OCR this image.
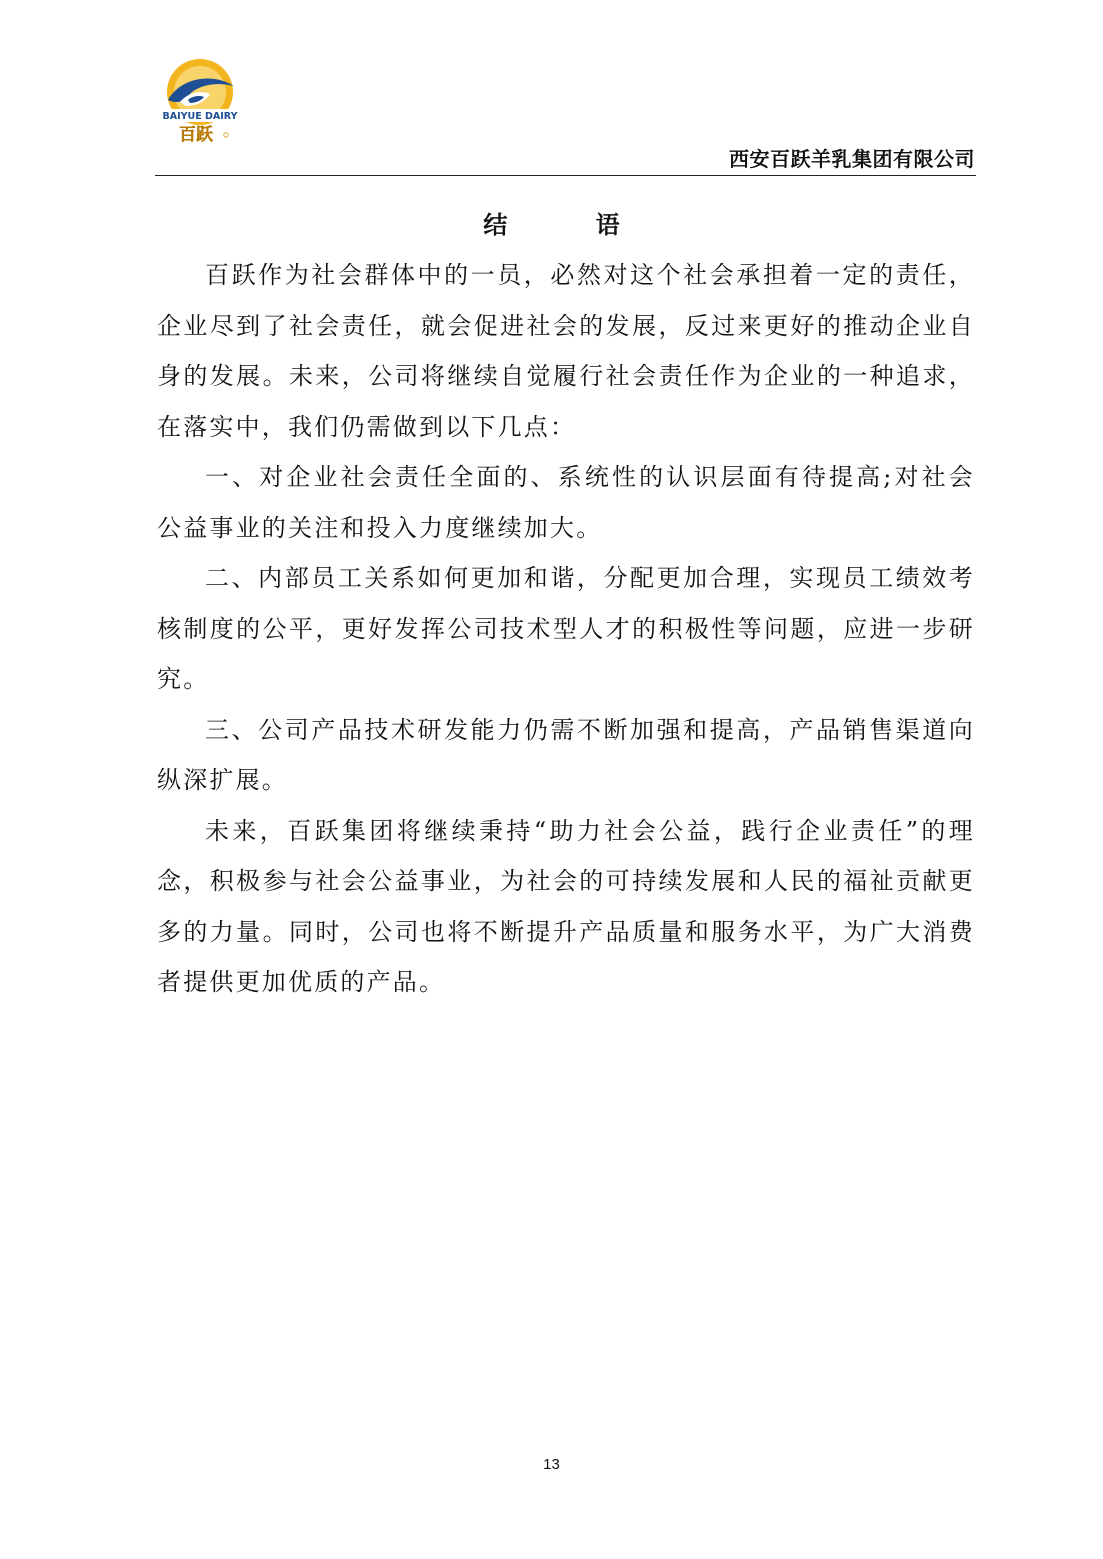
BAIYUE DAIRY
百跃
西安百跃羊乳集团有限公司
结 语

百跃作为社会群体中的一员，必然对这个社会承担着一定的责任，企业尽到了社会责任，就会促进社会的发展，反过来更好的推动企业自身的发展。未来，公司将继续自觉履行社会责任作为企业的一种追求，在落实中，我们仍需做到以下几点：

一、对企业社会责任全面的、系统性的认识层面有待提高;对社会公益事业的关注和投入力度继续加大。

二、内部员工关系如何更加和谐，分配更加合理，实现员工绩效考核制度的公平，更好发挥公司技术型人才的积极性等问题，应进一步研究。

三、公司产品技术研发能力仍需不断加强和提高，产品销售渠道向纵深扩展。

未来，百跃集团将继续秉持“助力社会公益，践行企业责任”的理念，积极参与社会公益事业，为社会的可持续发展和人民的福祉贡献更多的力量。同时，公司也将不断提升产品质量和服务水平，为广大消费者提供更加优质的产品。

13
